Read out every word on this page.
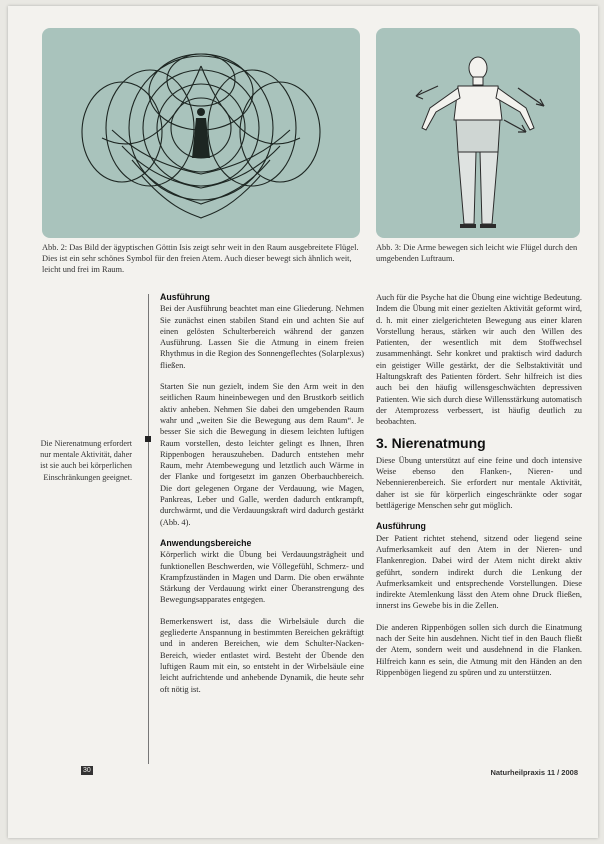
Abb. 2: Das Bild der ägyptischen Göttin Isis zeigt sehr weit in den Raum ausgebreitete Flügel. Dies ist ein sehr schönes Symbol für den freien Atem. Auch dieser bewegt sich ähnlich weit, leicht und frei im Raum.
Abb. 3: Die Arme bewegen sich leicht wie Flügel durch den umgebenden Luftraum.
Die Nierenatmung erfordert nur mentale Aktivität, daher ist sie auch bei körperlichen Einschränkungen geeignet.
Ausführung

Bei der Ausführung beachtet man eine Gliederung. Nehmen Sie zunächst einen stabilen Stand ein und achten Sie auf einen gelösten Schulterbereich während der ganzen Ausführung. Lassen Sie die Atmung in einem freien Rhythmus in die Region des Sonnengeflechtes (Solarplexus) fließen.

Starten Sie nun gezielt, indem Sie den Arm weit in den seitlichen Raum hineinbewegen und den Brustkorb seitlich aktiv anheben. Nehmen Sie dabei den umgebenden Raum wahr und „weiten Sie die Bewegung aus dem Raum“. Je besser Sie sich die Bewegung in diesem leichten luftigen Raum vorstellen, desto leichter gelingt es Ihnen, Ihren Rippenbogen herauszuheben. Dadurch entstehen mehr Raum, mehr Atembewegung und letztlich auch Wärme in der Flanke und fortgesetzt im ganzen Oberbauchbereich. Die dort gelegenen Organe der Verdauung, wie Magen, Pankreas, Leber und Galle, werden dadurch entkrampft, durchwärmt, und die Verdauungskraft wird dadurch gestärkt (Abb. 4).

Anwendungsbereiche

Körperlich wirkt die Übung bei Verdauungsträgheit und funktionellen Beschwerden, wie Völlegefühl, Schmerz- und Krampfzuständen in Magen und Darm. Die oben erwähnte Stärkung der Verdauung wirkt einer Überanstrengung des Bewegungsapparates entgegen.

Bemerkenswert ist, dass die Wirbelsäule durch die gegliederte Anspannung in bestimmten Bereichen gekräftigt und in anderen Bereichen, wie dem Schulter-Nacken-Bereich, wieder entlastet wird. Besteht der Übende den luftigen Raum mit ein, so entsteht in der Wirbelsäule eine leicht aufrichtende und anhebende Dynamik, die heute sehr oft nötig ist.

Auch für die Psyche hat die Übung eine wichtige Bedeutung. Indem die Übung mit einer gezielten Aktivität geformt wird, d. h. mit einer zielgerichteten Bewegung aus einer klaren Vorstellung heraus, stärken wir auch den Willen des Patienten, der wesentlich mit dem Stoffwechsel zusammenhängt. Sehr konkret und praktisch wird dadurch ein geistiger Wille gestärkt, der die Selbstaktivität und Haltungskraft des Patienten fördert. Sehr hilfreich ist dies auch bei den häufig willensgeschwächten depressiven Patienten. Wie sich durch diese Willensstärkung automatisch der Atemprozess verbessert, ist häufig deutlich zu beobachten.

3. Nierenatmung

Diese Übung unterstützt auf eine feine und doch intensive Weise ebenso den Flanken-, Nieren- und Nebennierenbereich. Sie erfordert nur mentale Aktivität, daher ist sie für körperlich eingeschränkte oder sogar bettlägerige Menschen sehr gut möglich.

Ausführung

Der Patient richtet stehend, sitzend oder liegend seine Aufmerksamkeit auf den Atem in der Nieren- und Flankenregion. Dabei wird der Atem nicht direkt aktiv geführt, sondern indirekt durch die Lenkung der Aufmerksamkeit und entsprechende Vorstellungen. Diese indirekte Atemlenkung lässt den Atem ohne Druck fließen, innerst ins Gewebe bis in die Zellen.

Die anderen Rippenbögen sollen sich durch die Einatmung nach der Seite hin ausdehnen. Nicht tief in den Bauch fließt der Atem, sondern weit und ausdehnend in die Flanken. Hilfreich kann es sein, die Atmung mit den Händen an den Rippenbögen liegend zu spüren und zu unterstützen.

30	Naturheilpraxis 11 / 2008
